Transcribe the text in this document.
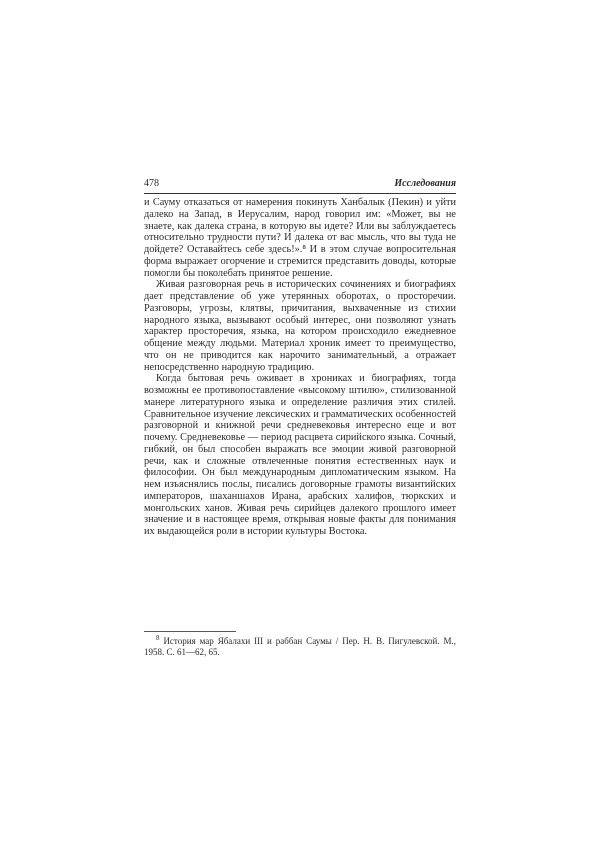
478	Исследования

и Сауму отказаться от намерения покинуть Ханбалык (Пекин) и уйти далеко на Запад, в Иерусалим, народ говорил им: «Может, вы не знаете, как далека страна, в которую вы идете? Или вы заблуждаетесь относительно трудности пути? И далека от вас мысль, что вы туда не дойдете? Оставайтесь себе здесь!».⁸ И в этом случае вопросительная форма выражает огорчение и стремится представить доводы, которые помогли бы поколебать принятое решение.

Живая разговорная речь в исторических сочинениях и биографиях дает представление об уже утерянных оборотах, о просторечии. Разговоры, угрозы, клятвы, причитания, выхваченные из стихии народного языка, вызывают особый интерес, они позволяют узнать характер просторечия, языка, на котором происходило ежедневное общение между людьми. Материал хроник имеет то преимущество, что он не приводится как нарочито занимательный, а отражает непосредственно народную традицию.

Когда бытовая речь оживает в хрониках и биографиях, тогда возможны ее противопоставление «высокому штилю», стилизованной манере литературного языка и определение различия этих стилей. Сравнительное изучение лексических и грамматических особенностей разговорной и книжной речи средневековья интересно еще и вот почему. Средневековье — период расцвета сирийского языка. Сочный, гибкий, он был способен выражать все эмоции живой разговорной речи, как и сложные отвлеченные понятия естественных наук и философии. Он был международным дипломатическим языком. На нем изъяснялись послы, писались договорные грамоты византийских императоров, шаханшахов Ирана, арабских халифов, тюркских и монгольских ханов. Живая речь сирийцев далекого прошлого имеет значение и в настоящее время, открывая новые факты для понимания их выдающейся роли в истории культуры Востока.

$^8$ История мар Ябалахи III и раббан Саумы / Пер. Н. В. Пигулевской. М., 1958. С. 61—62, 65.
